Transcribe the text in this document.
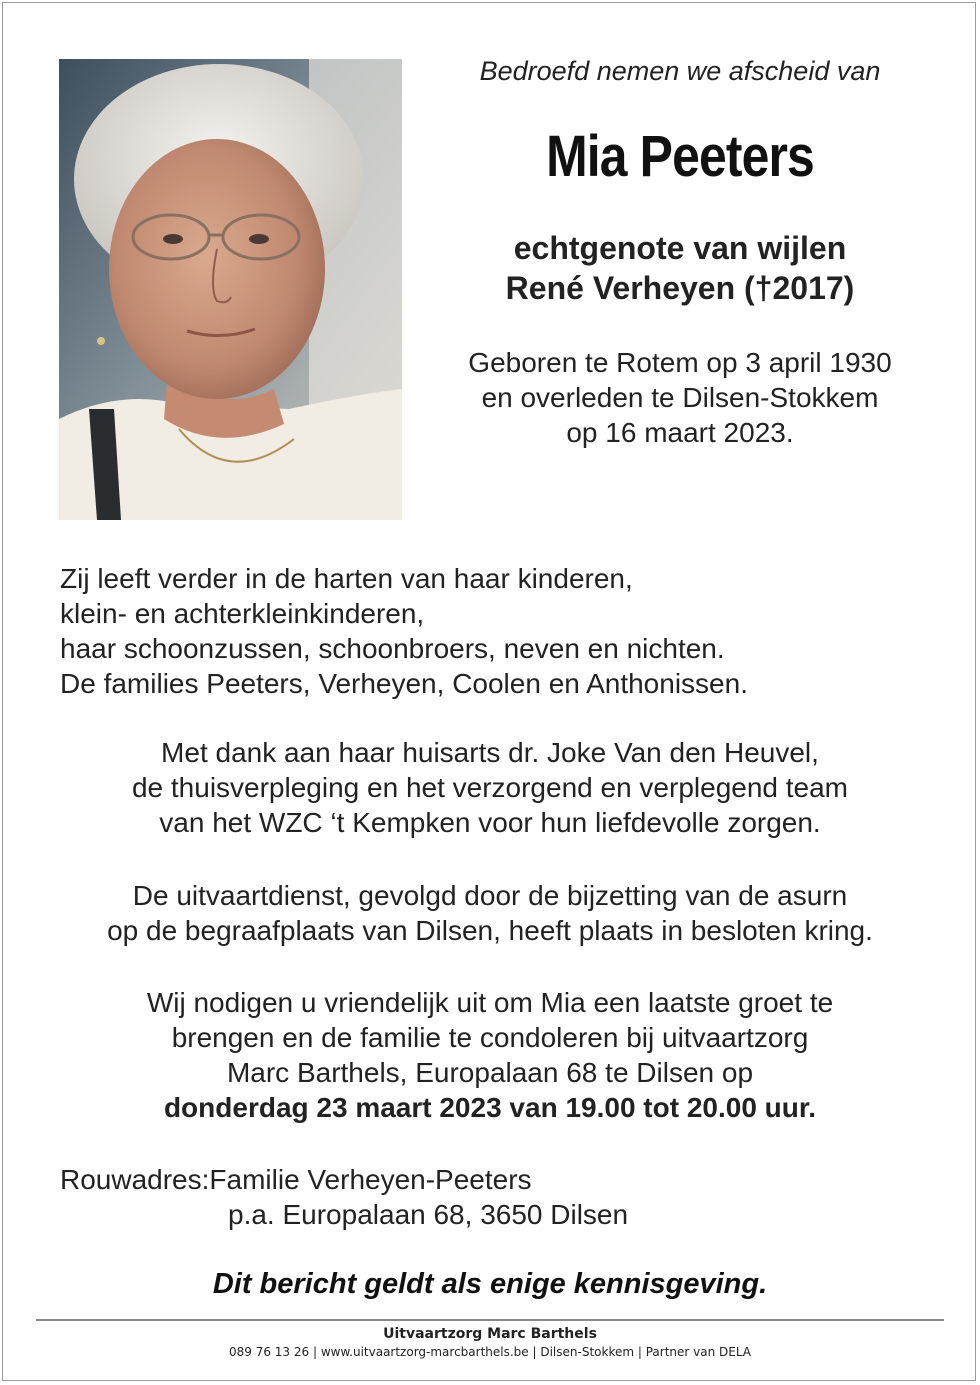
Bedroefd nemen we afscheid van
Mia Peeters
echtgenote van wijlen
René Verheyen (†2017)
Geboren te Rotem op 3 april 1930
en overleden te Dilsen-Stokkem
op 16 maart 2023.
Zij leeft verder in de harten van haar kinderen,
klein- en achterkleinkinderen,
haar schoonzussen, schoonbroers, neven en nichten.
De families Peeters, Verheyen, Coolen en Anthonissen.
Met dank aan haar huisarts dr. Joke Van den Heuvel,
de thuisverpleging en het verzorgend en verplegend team
van het WZC ‘t Kempken voor hun liefdevolle zorgen.
De uitvaartdienst, gevolgd door de bijzetting van de asurn
op de begraafplaats van Dilsen, heeft plaats in besloten kring.
Wij nodigen u vriendelijk uit om Mia een laatste groet te
brengen en de familie te condoleren bij uitvaartzorg
Marc Barthels, Europalaan 68 te Dilsen op
donderdag 23 maart 2023 van 19.00 tot 20.00 uur.
Rouwadres:Familie Verheyen-Peeters
p.a. Europalaan 68, 3650 Dilsen
Dit bericht geldt als enige kennisgeving.
Uitvaartzorg Marc Barthels
089 76 13 26 | www.uitvaartzorg-marcbarthels.be | Dilsen-Stokkem | Partner van DELA
